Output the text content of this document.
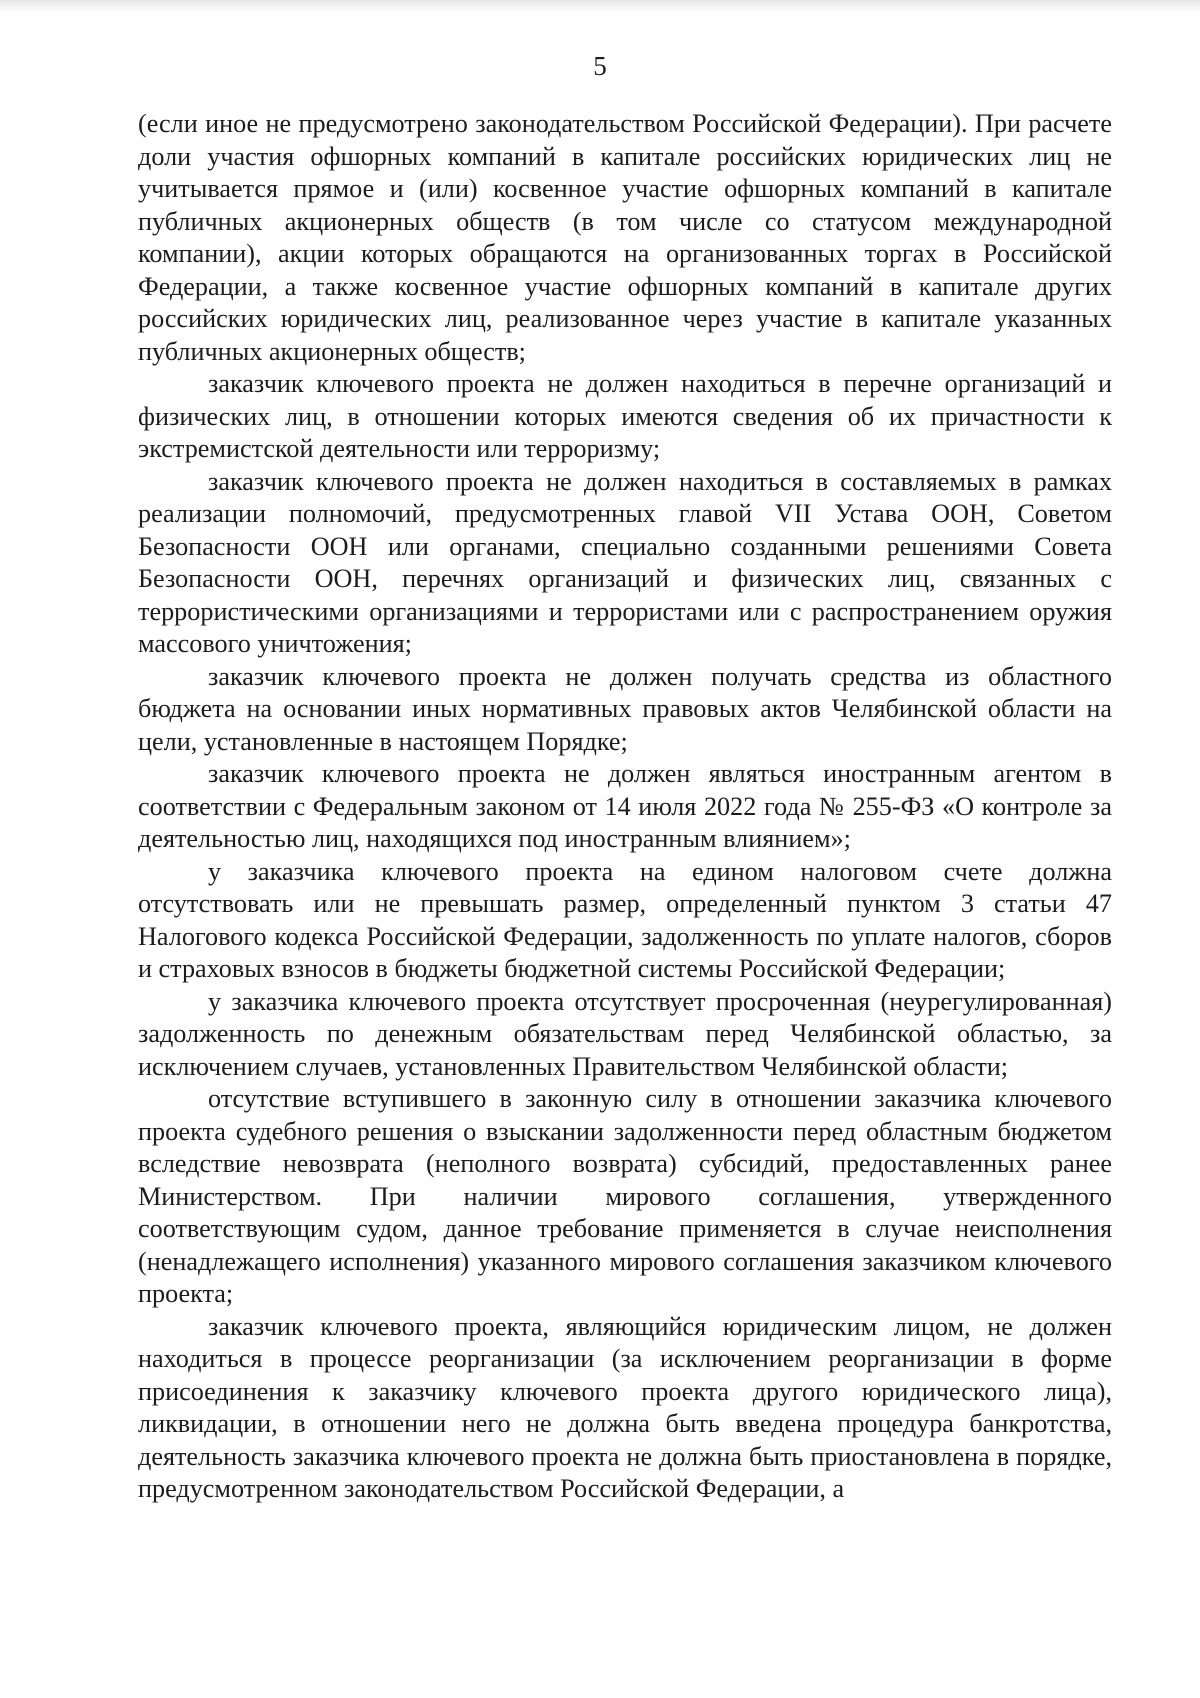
5

(если иное не предусмотрено законодательством Российской Федерации). При расчете доли участия офшорных компаний в капитале российских юридических лиц не учитывается прямое и (или) косвенное участие офшорных компаний в капитале публичных акционерных обществ (в том числе со статусом международной компании), акции которых обращаются на организованных торгах в Российской Федерации, а также косвенное участие офшорных компаний в капитале других российских юридических лиц, реализованное через участие в капитале указанных публичных акционерных обществ;

заказчик ключевого проекта не должен находиться в перечне организаций и физических лиц, в отношении которых имеются сведения об их причастности к экстремистской деятельности или терроризму;

заказчик ключевого проекта не должен находиться в составляемых в рамках реализации полномочий, предусмотренных главой VII Устава ООН, Советом Безопасности ООН или органами, специально созданными решениями Совета Безопасности ООН, перечнях организаций и физических лиц, связанных с террористическими организациями и террористами или с распространением оружия массового уничтожения;

заказчик ключевого проекта не должен получать средства из областного бюджета на основании иных нормативных правовых актов Челябинской области на цели, установленные в настоящем Порядке;

заказчик ключевого проекта не должен являться иностранным агентом в соответствии с Федеральным законом от 14 июля 2022 года № 255-ФЗ «О контроле за деятельностью лиц, находящихся под иностранным влиянием»;

у заказчика ключевого проекта на едином налоговом счете должна отсутствовать или не превышать размер, определенный пунктом 3 статьи 47 Налогового кодекса Российской Федерации, задолженность по уплате налогов, сборов и страховых взносов в бюджеты бюджетной системы Российской Федерации;

у заказчика ключевого проекта отсутствует просроченная (неурегулированная) задолженность по денежным обязательствам перед Челябинской областью, за исключением случаев, установленных Правительством Челябинской области;

отсутствие вступившего в законную силу в отношении заказчика ключевого проекта судебного решения о взыскании задолженности перед областным бюджетом вследствие невозврата (неполного возврата) субсидий, предоставленных ранее Министерством. При наличии мирового соглашения, утвержденного соответствующим судом, данное требование применяется в случае неисполнения (ненадлежащего исполнения) указанного мирового соглашения заказчиком ключевого проекта;

заказчик ключевого проекта, являющийся юридическим лицом, не должен находиться в процессе реорганизации (за исключением реорганизации в форме присоединения к заказчику ключевого проекта другого юридического лица), ликвидации, в отношении него не должна быть введена процедура банкротства, деятельность заказчика ключевого проекта не должна быть приостановлена в порядке, предусмотренном законодательством Российской Федерации, а
